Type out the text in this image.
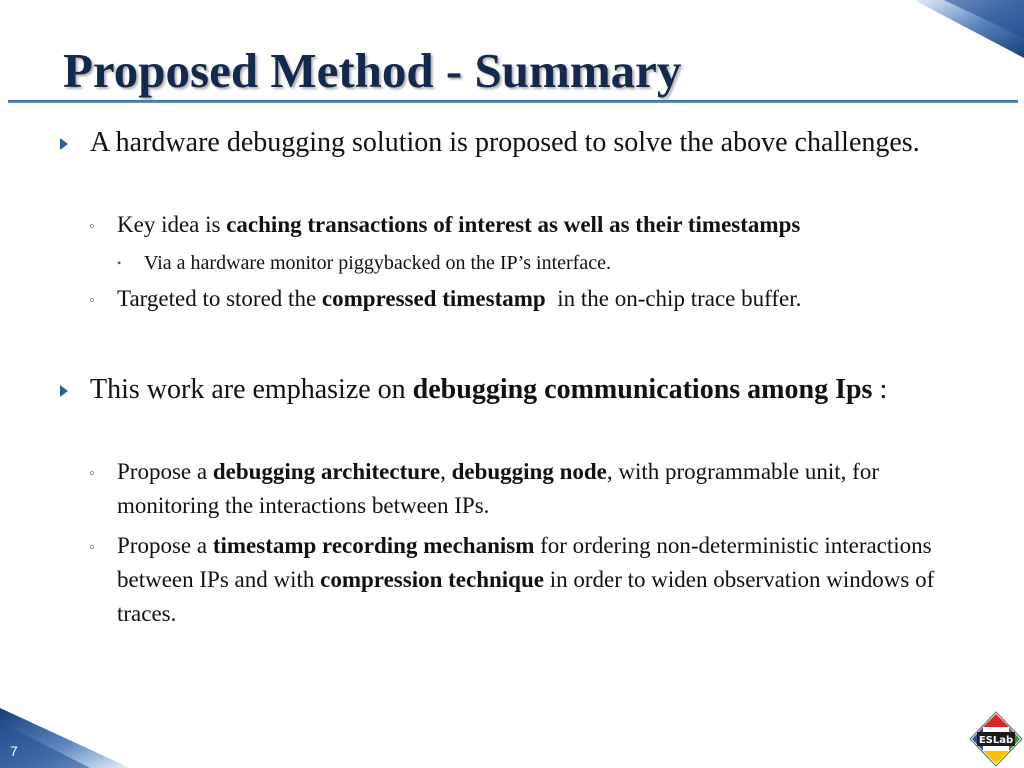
Proposed Method - Summary
A hardware debugging solution is proposed to solve the above challenges.
◦ Key idea is caching transactions of interest as well as their timestamps
• Via a hardware monitor piggybacked on the IP’s interface.
◦ Targeted to stored the compressed timestamp  in the on-chip trace buffer.
This work are emphasize on debugging communications among Ips :
◦ Propose a debugging architecture, debugging node, with programmable unit, for monitoring the interactions between IPs.
◦ Propose a timestamp recording mechanism for ordering non-deterministic interactions between IPs and with compression technique in order to widen observation windows of traces.
7
ESLab
